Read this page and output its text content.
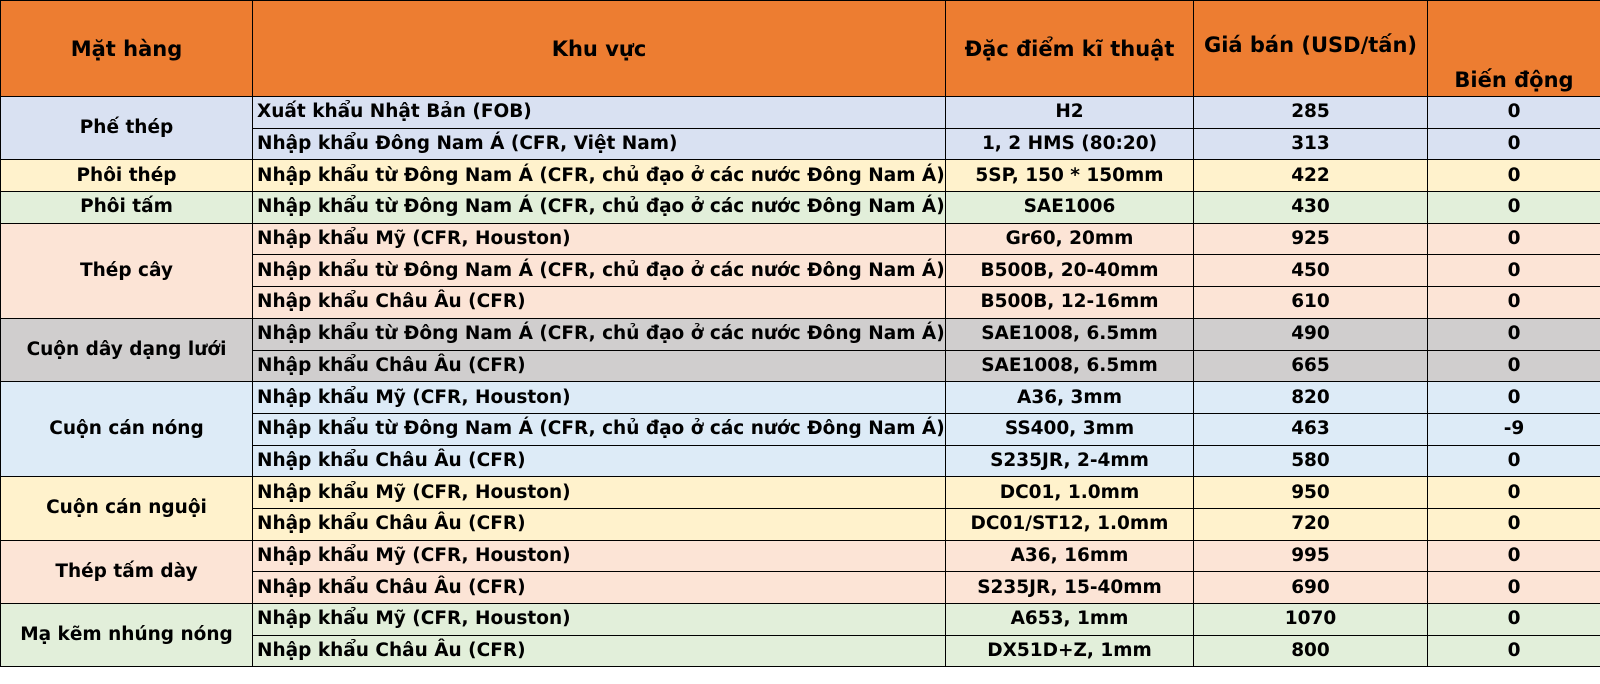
Mặt hàng	Khu vực	Đặc điểm kĩ thuật	Giá bán (USD/tấn)	Biến động
Phế thép	Xuất khẩu Nhật Bản (FOB)	H2	285	0
	Nhập khẩu Đông Nam Á (CFR, Việt Nam)	1, 2 HMS (80:20)	313	0
Phôi thép	Nhập khẩu từ Đông Nam Á (CFR, chủ đạo ở các nước Đông Nam Á)	5SP, 150 * 150mm	422	0
Phôi tấm	Nhập khẩu từ Đông Nam Á (CFR, chủ đạo ở các nước Đông Nam Á)	SAE1006	430	0
Thép cây	Nhập khẩu Mỹ (CFR, Houston)	Gr60, 20mm	925	0
	Nhập khẩu từ Đông Nam Á (CFR, chủ đạo ở các nước Đông Nam Á)	B500B, 20-40mm	450	0
	Nhập khẩu Châu Âu (CFR)	B500B, 12-16mm	610	0
Cuộn dây dạng lưới	Nhập khẩu từ Đông Nam Á (CFR, chủ đạo ở các nước Đông Nam Á)	SAE1008, 6.5mm	490	0
	Nhập khẩu Châu Âu (CFR)	SAE1008, 6.5mm	665	0
Cuộn cán nóng	Nhập khẩu Mỹ (CFR, Houston)	A36, 3mm	820	0
	Nhập khẩu từ Đông Nam Á (CFR, chủ đạo ở các nước Đông Nam Á)	SS400, 3mm	463	-9
	Nhập khẩu Châu Âu (CFR)	S235JR, 2-4mm	580	0
Cuộn cán nguội	Nhập khẩu Mỹ (CFR, Houston)	DC01, 1.0mm	950	0
	Nhập khẩu Châu Âu (CFR)	DC01/ST12, 1.0mm	720	0
Thép tấm dày	Nhập khẩu Mỹ (CFR, Houston)	A36, 16mm	995	0
	Nhập khẩu Châu Âu (CFR)	S235JR, 15-40mm	690	0
Mạ kẽm nhúng nóng	Nhập khẩu Mỹ (CFR, Houston)	A653, 1mm	1070	0
	Nhập khẩu Châu Âu (CFR)	DX51D+Z, 1mm	800	0
